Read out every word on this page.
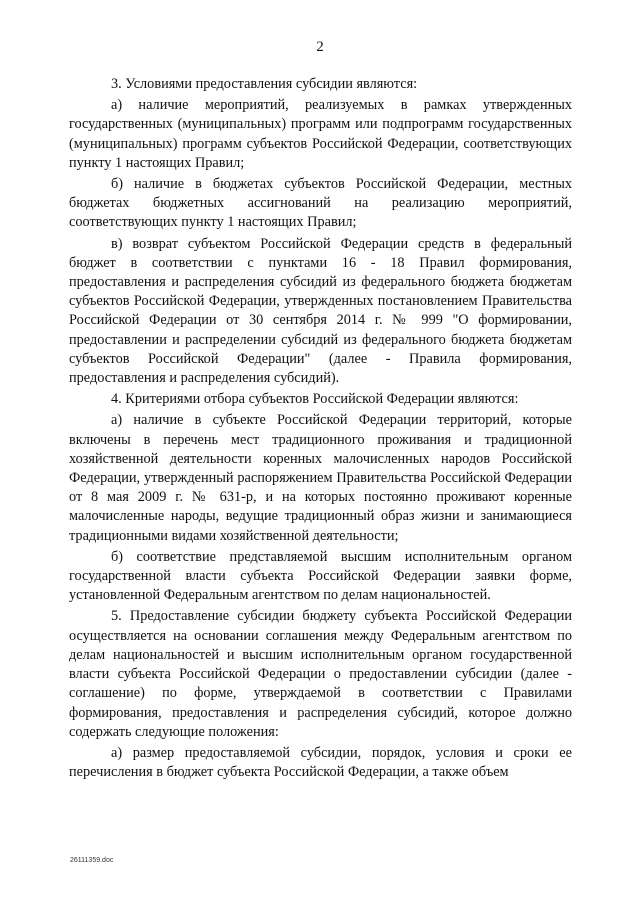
2

3. Условиями предоставления субсидии являются:

а) наличие мероприятий, реализуемых в рамках утвержденных государственных (муниципальных) программ или подпрограмм государственных (муниципальных) программ субъектов Российской Федерации, соответствующих пункту 1 настоящих Правил;

б) наличие в бюджетах субъектов Российской Федерации, местных бюджетах бюджетных ассигнований на реализацию мероприятий, соответствующих пункту 1 настоящих Правил;

в) возврат субъектом Российской Федерации средств в федеральный бюджет в соответствии с пунктами 16 - 18 Правил формирования, предоставления и распределения субсидий из федерального бюджета бюджетам субъектов Российской Федерации, утвержденных постановлением Правительства Российской Федерации от 30 сентября 2014 г. № 999 "О формировании, предоставлении и распределении субсидий из федерального бюджета бюджетам субъектов Российской Федерации" (далее - Правила формирования, предоставления и распределения субсидий).

4. Критериями отбора субъектов Российской Федерации являются:

а) наличие в субъекте Российской Федерации территорий, которые включены в перечень мест традиционного проживания и традиционной хозяйственной деятельности коренных малочисленных народов Российской Федерации, утвержденный распоряжением Правительства Российской Федерации от 8 мая 2009 г. № 631-р, и на которых постоянно проживают коренные малочисленные народы, ведущие традиционный образ жизни и занимающиеся традиционными видами хозяйственной деятельности;

б) соответствие представляемой высшим исполнительным органом государственной власти субъекта Российской Федерации заявки форме, установленной Федеральным агентством по делам национальностей.

5. Предоставление субсидии бюджету субъекта Российской Федерации осуществляется на основании соглашения между Федеральным агентством по делам национальностей и высшим исполнительным органом государственной власти субъекта Российской Федерации о предоставлении субсидии (далее - соглашение) по форме, утверждаемой в соответствии с Правилами формирования, предоставления и распределения субсидий, которое должно содержать следующие положения:

а) размер предоставляемой субсидии, порядок, условия и сроки ее перечисления в бюджет субъекта Российской Федерации, а также объем

26111359.doc
